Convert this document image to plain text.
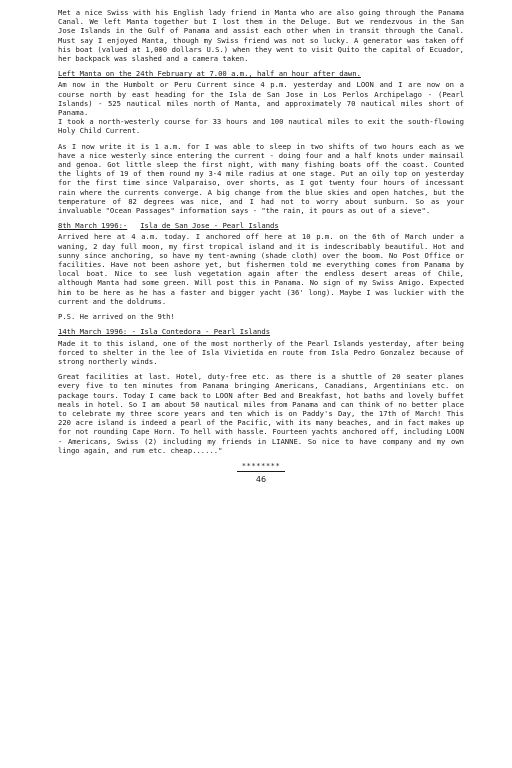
Met a nice Swiss with his English lady friend in Manta who are also going through the Panama Canal. We left Manta together but I lost them in the Deluge. But we rendezvous in the San Jose Islands in the Gulf of Panama and assist each other when in transit through the Canal. Must say I enjoyed Manta, though my Swiss friend was not so lucky. A generator was taken off his boat (valued at 1,000 dollars U.S.) when they went to visit Quito the capital of Ecuador, her backpack was slashed and a camera taken.

Left Manta on the 24th February at 7.00 a.m., half an hour after dawn.

Am now in the Humbolt or Peru Current since 4 p.m. yesterday and LOON and I are now on a course north by east heading for the Isla de San Jose in Los Perlos Archipelago - (Pearl Islands) - 525 nautical miles north of Manta, and approximately 70 nautical miles short of Panama.
I took a north-westerly course for 33 hours and 100 nautical miles to exit the south-flowing Holy Child Current.

As I now write it is 1 a.m. for I was able to sleep in two shifts of two hours each as we have a nice westerly since entering the current - doing four and a half knots under mainsail and genoa. Got little sleep the first night, with many fishing boats off the coast. Counted the lights of 19 of them round my 3-4 mile radius at one stage. Put an oily top on yesterday for the first time since Valparaiso, over shorts, as I got twenty four hours of incessant rain where the currents converge. A big change from the blue skies and open hatches, but the temperature of 82 degrees was nice, and I had not to worry about sunburn. So as your invaluable "Ocean Passages" information says - "the rain, it pours as out of a sieve".

8th March 1996:- Isla de San Jose - Pearl Islands

Arrived here at 4 a.m. today. I anchored off here at 10 p.m. on the 6th of March under a waning, 2 day full moon, my first tropical island and it is indescribably beautiful. Hot and sunny since anchoring, so have my tent-awning (shade cloth) over the boom. No Post Office or facilities. Have not been ashore yet, but fishermen told me everything comes from Panama by local boat. Nice to see lush vegetation again after the endless desert areas of Chile, although Manta had some green. Will post this in Panama. No sign of my Swiss Amigo. Expected him to be here as he has a faster and bigger yacht (36' long). Maybe I was luckier with the current and the doldrums.

P.S. He arrived on the 9th!

14th March 1996: - Isla Contedora - Pearl Islands

Made it to this island, one of the most northerly of the Pearl Islands yesterday, after being forced to shelter in the lee of Isla Vivietida en route from Isla Pedro Gonzalez because of strong northerly winds.

Great facilities at last. Hotel, duty-free etc. as there is a shuttle of 20 seater planes every five to ten minutes from Panama bringing Americans, Canadians, Argentinians etc. on package tours. Today I came back to LOON after Bed and Breakfast, hot baths and lovely buffet meals in hotel. So I am about 50 nautical miles from Panama and can think of no better place to celebrate my three score years and ten which is on Paddy's Day, the 17th of March! This 220 acre island is indeed a pearl of the Pacific, with its many beaches, and in fact makes up for not rounding Cape Horn. To hell with hassle. Fourteen yachts anchored off, including LOON - Americans, Swiss (2) including my friends in LIANNE. So nice to have company and my own lingo again, and rum etc. cheap......"

********
46
